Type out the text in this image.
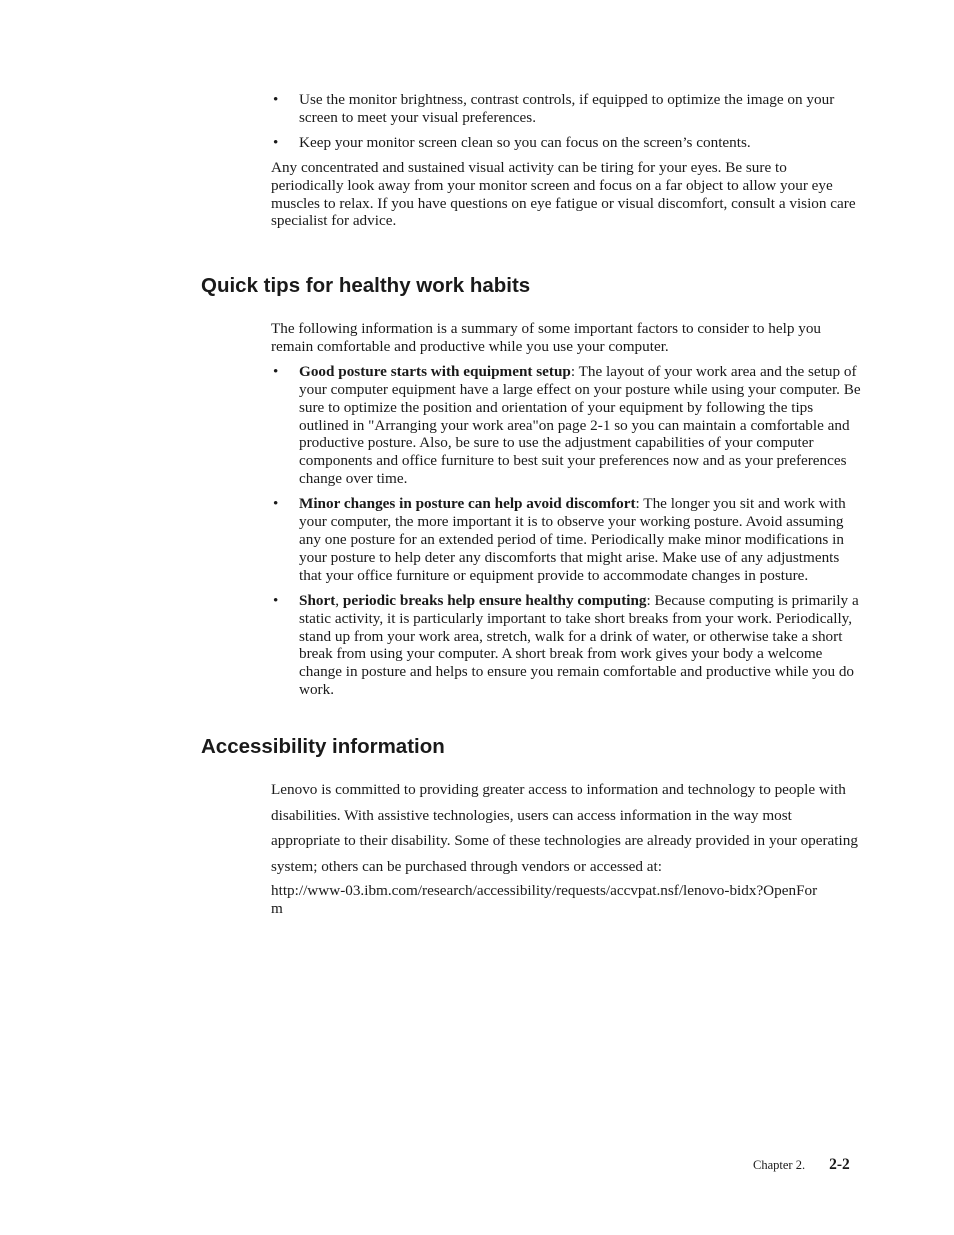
• Use the monitor brightness, contrast controls, if equipped to optimize the image on your screen to meet your visual preferences.
• Keep your monitor screen clean so you can focus on the screen’s contents.

Any concentrated and sustained visual activity can be tiring for your eyes. Be sure to periodically look away from your monitor screen and focus on a far object to allow your eye muscles to relax. If you have questions on eye fatigue or visual discomfort, consult a vision care specialist for advice.

Quick tips for healthy work habits

The following information is a summary of some important factors to consider to help you remain comfortable and productive while you use your computer.

• Good posture starts with equipment setup: The layout of your work area and the setup of your computer equipment have a large effect on your posture while using your computer. Be sure to optimize the position and orientation of your equipment by following the tips outlined in "Arranging your work area"on page 2-1 so you can maintain a comfortable and productive posture. Also, be sure to use the adjustment capabilities of your computer components and office furniture to best suit your preferences now and as your preferences change over time.
• Minor changes in posture can help avoid discomfort: The longer you sit and work with your computer, the more important it is to observe your working posture. Avoid assuming any one posture for an extended period of time. Periodically make minor modifications in your posture to help deter any discomforts that might arise. Make use of any adjustments that your office furniture or equipment provide to accommodate changes in posture.
• Short, periodic breaks help ensure healthy computing: Because computing is primarily a static activity, it is particularly important to take short breaks from your work. Periodically, stand up from your work area, stretch, walk for a drink of water, or otherwise take a short break from using your computer. A short break from work gives your body a welcome change in posture and helps to ensure you remain comfortable and productive while you do work.
Accessibility information

Lenovo is committed to providing greater access to information and technology to people with disabilities. With assistive technologies, users can access information in the way most appropriate to their disability. Some of these technologies are already provided in your operating system; others can be purchased through vendors or accessed at:

http://www-03.ibm.com/research/accessibility/requests/accvpat.nsf/lenovo-bidx?OpenForm

Chapter 2. 2-2
